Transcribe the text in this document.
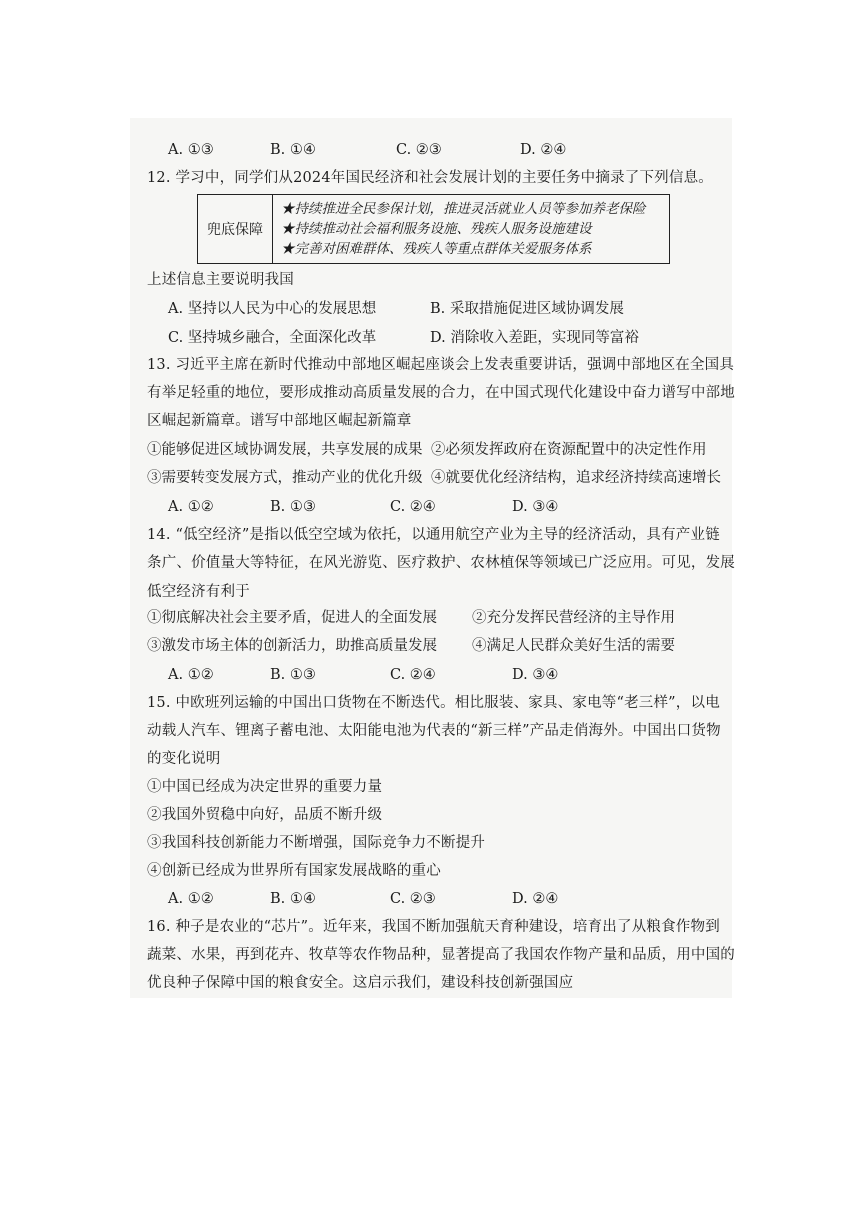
A. ①③	B. ①④	C. ②③	D. ②④
12. 学习中，同学们从2024年国民经济和社会发展计划的主要任务中摘录了下列信息。
兜底保障
★持续推进全民参保计划，推进灵活就业人员等参加养老保险
★持续推动社会福利服务设施、残疾人服务设施建设
★完善对困难群体、残疾人等重点群体关爱服务体系
上述信息主要说明我国
A. 坚持以人民为中心的发展思想	B. 采取措施促进区域协调发展
C. 坚持城乡融合，全面深化改革	D. 消除收入差距，实现同等富裕
13. 习近平主席在新时代推动中部地区崛起座谈会上发表重要讲话，强调中部地区在全国具
有举足轻重的地位，要形成推动高质量发展的合力，在中国式现代化建设中奋力谱写中部地
区崛起新篇章。谱写中部地区崛起新篇章
①能够促进区域协调发展，共享发展的成果 ②必须发挥政府在资源配置中的决定性作用
③需要转变发展方式，推动产业的优化升级 ④就要优化经济结构，追求经济持续高速增长
A. ①②	B. ①③	C. ②④	D. ③④
14. “低空经济”是指以低空空域为依托，以通用航空产业为主导的经济活动，具有产业链
条广、价值量大等特征，在风光游览、医疗救护、农林植保等领域已广泛应用。可见，发展
低空经济有利于
①彻底解决社会主要矛盾，促进人的全面发展 ②充分发挥民营经济的主导作用
③激发市场主体的创新活力，助推高质量发展 ④满足人民群众美好生活的需要
A. ①②	B. ①③	C. ②④	D. ③④
15. 中欧班列运输的中国出口货物在不断迭代。相比服装、家具、家电等“老三样”，以电
动载人汽车、锂离子蓄电池、太阳能电池为代表的“新三样”产品走俏海外。中国出口货物
的变化说明
①中国已经成为决定世界的重要力量
②我国外贸稳中向好，品质不断升级
③我国科技创新能力不断增强，国际竞争力不断提升
④创新已经成为世界所有国家发展战略的重心
A. ①②	B. ①④	C. ②③	D. ②④
16. 种子是农业的“芯片”。近年来，我国不断加强航天育种建设，培育出了从粮食作物到
蔬菜、水果，再到花卉、牧草等农作物品种，显著提高了我国农作物产量和品质，用中国的
优良种子保障中国的粮食安全。这启示我们，建设科技创新强国应
